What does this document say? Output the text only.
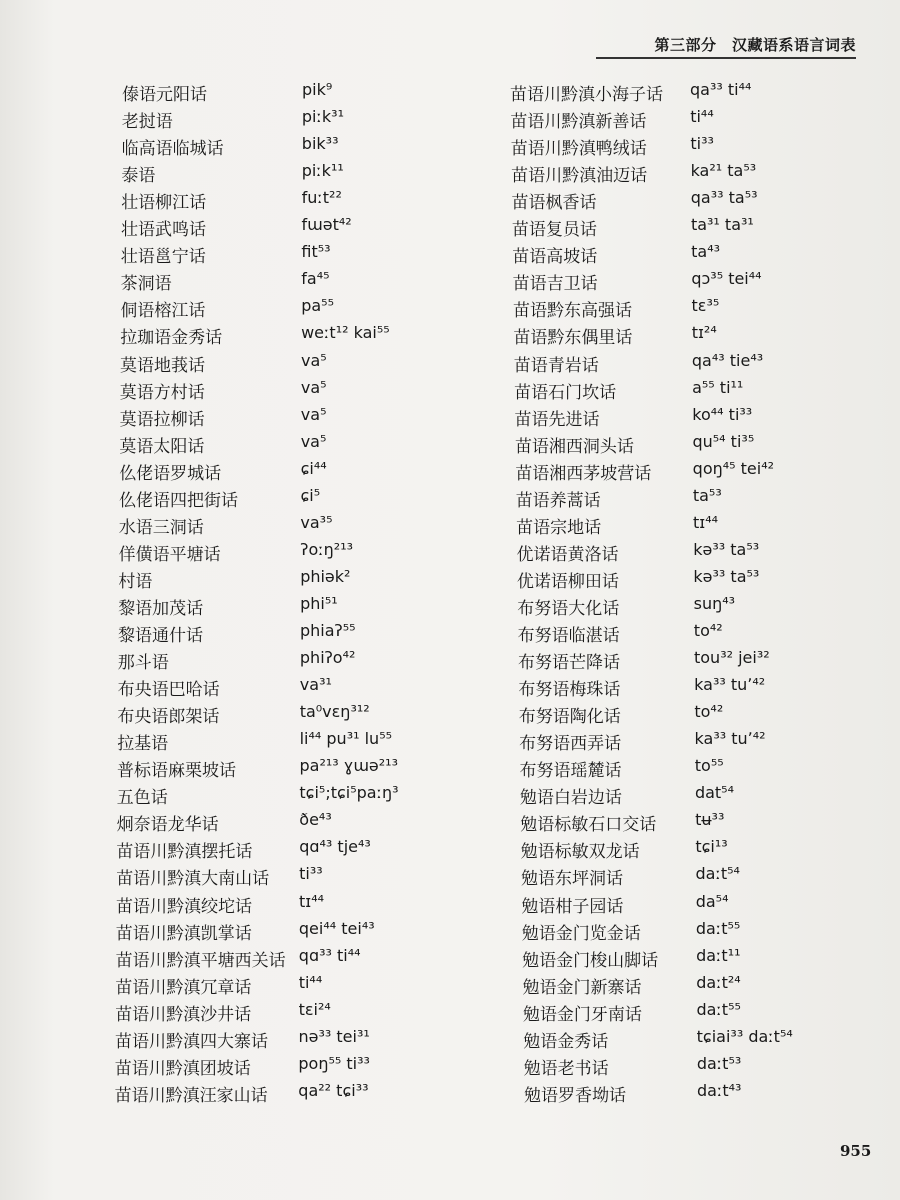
第三部分　汉藏语系语言词表
傣语元阳话	pik⁹
老挝语	piːk³¹
临高语临城话	bik³³
泰语	piːk¹¹
壮语柳江话	fuːt²²
壮语武鸣话	fɯət⁴²
壮语邕宁话	fit⁵³
茶洞语	fa⁴⁵
侗语榕江话	pa⁵⁵
拉珈语金秀话	weːt¹² kai⁵⁵
莫语地莪话	va⁵
莫语方村话	va⁵
莫语拉柳话	va⁵
莫语太阳话	va⁵
仫佬语罗城话	ɕi⁴⁴
仫佬语四把街话	ɕi⁵
水语三洞话	va³⁵
佯僙语平塘话	ʔoːŋ²¹³
村语	phiək²
黎语加茂话	phi⁵¹
黎语通什话	phiaʔ⁵⁵
那斗语	phiʔo⁴²
布央语巴哈话	va³¹
布央语郎架话	ta⁰vɛŋ³¹²
拉基语	li⁴⁴ pu³¹ lu⁵⁵
普标语麻栗坡话	pa²¹³ ɣɯə²¹³
五色话	tɕi⁵;tɕi⁵paːŋ³
炯奈语龙华话	ðe⁴³
苗语川黔滇摆托话	qɑ⁴³ tje⁴³
苗语川黔滇大南山话 ti³³
苗语川黔滇绞坨话	tɪ⁴⁴
苗语川黔滇凯掌话	qei⁴⁴ tei⁴³
苗语川黔滇平塘西关话 qɑ³³ ti⁴⁴
苗语川黔滇冗章话	ti⁴⁴
苗语川黔滇沙井话	tɛi²⁴
苗语川黔滇四大寨话 nə³³ tei³¹
苗语川黔滇团坡话	poŋ⁵⁵ ti³³
苗语川黔滇汪家山话 qa²² tɕi³³
苗语川黔滇小海子话 qa³³ ti⁴⁴
苗语川黔滇新善话	ti⁴⁴
苗语川黔滇鸭绒话	ti³³
苗语川黔滇油迈话	ka²¹ ta⁵³
苗语枫香话	qa³³ ta⁵³
苗语复员话	ta³¹ ta³¹
苗语高坡话	ta⁴³
苗语吉卫话	qɔ³⁵ tei⁴⁴
苗语黔东高强话	tɛ³⁵
苗语黔东偶里话	tɪ²⁴
苗语青岩话	qa⁴³ tie⁴³
苗语石门坎话	a⁵⁵ ti¹¹
苗语先进话	ko⁴⁴ ti³³
苗语湘西洞头话	qu⁵⁴ ti³⁵
苗语湘西茅坡营话	qoŋ⁴⁵ tei⁴²
苗语养蒿话	ta⁵³
苗语宗地话	tɪ⁴⁴
优诺语黄洛话	kə³³ ta⁵³
优诺语柳田话	kə³³ ta⁵³
布努语大化话	suŋ⁴³
布努语临湛话	to⁴²
布努语芒降话	tou³² jei³²
布努语梅珠话	ka³³ tuʼ⁴²
布努语陶化话	to⁴²
布努语西弄话	ka³³ tuʼ⁴²
布努语瑶麓话	to⁵⁵
勉语白岩边话	dat⁵⁴
勉语标敏石口交话 tʉ³³
勉语标敏双龙话	tɕi¹³
勉语东坪洞话	daːt⁵⁴
勉语柑子园话	da⁵⁴
勉语金门览金话	daːt⁵⁵
勉语金门梭山脚话 daːt¹¹
勉语金门新寨话	daːt²⁴
勉语金门牙南话	daːt⁵⁵
勉语金秀话	tɕiai³³ daːt⁵⁴
勉语老书话	daːt⁵³
勉语罗香坳话	daːt⁴³
955
